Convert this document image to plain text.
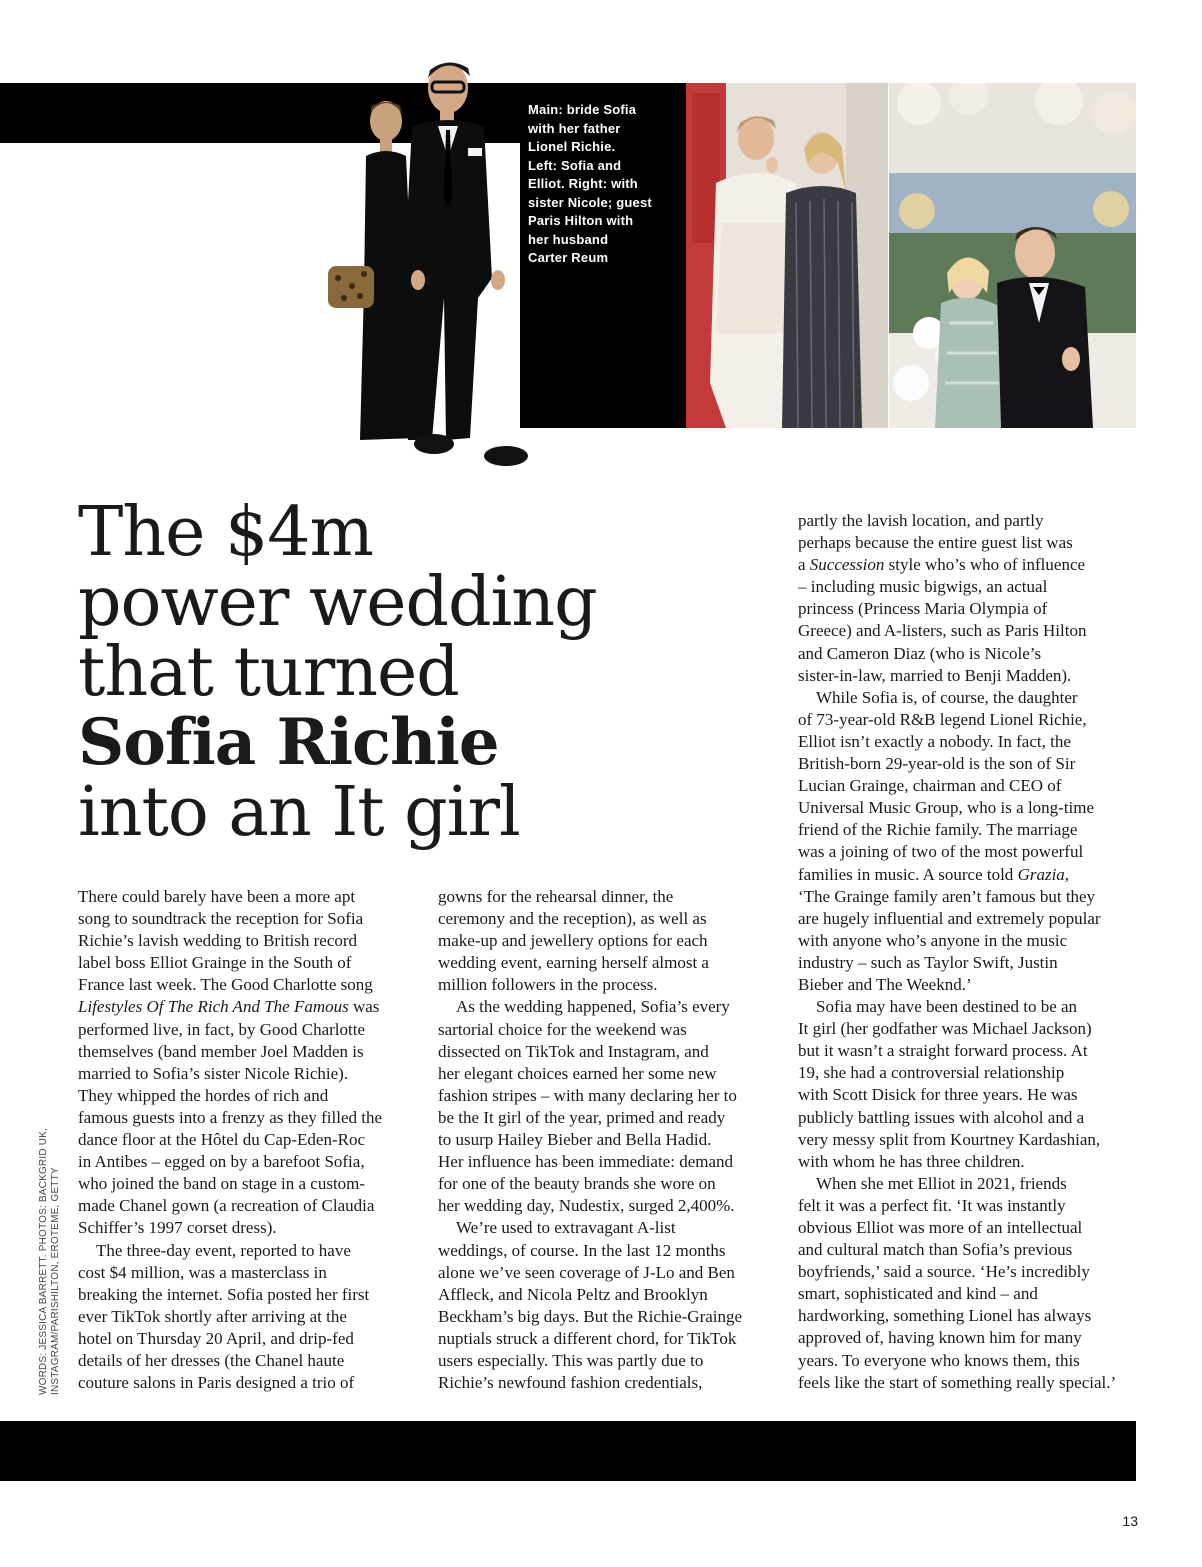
Main: bride Sofia
with her father
Lionel Richie.
Left: Sofia and
Elliot. Right: with
sister Nicole; guest
Paris Hilton with
her husband
Carter Reum
The $4m
power wedding
that turned
Sofia Richie
into an It girl
There could barely have been a more apt
song to soundtrack the reception for Sofia
Richie’s lavish wedding to British record
label boss Elliot Grainge in the South of
France last week. The Good Charlotte song
Lifestyles Of The Rich And The Famous was
performed live, in fact, by Good Charlotte
themselves (band member Joel Madden is
married to Sofia’s sister Nicole Richie).
They whipped the hordes of rich and
famous guests into a frenzy as they filled the
dance floor at the Hôtel du Cap-Eden-Roc
in Antibes – egged on by a barefoot Sofia,
who joined the band on stage in a custom-
made Chanel gown (a recreation of Claudia
Schiffer’s 1997 corset dress).
The three-day event, reported to have
cost $4 million, was a masterclass in
breaking the internet. Sofia posted her first
ever TikTok shortly after arriving at the
hotel on Thursday 20 April, and drip-fed
details of her dresses (the Chanel haute
couture salons in Paris designed a trio of
gowns for the rehearsal dinner, the
ceremony and the reception), as well as
make-up and jewellery options for each
wedding event, earning herself almost a
million followers in the process.
As the wedding happened, Sofia’s every
sartorial choice for the weekend was
dissected on TikTok and Instagram, and
her elegant choices earned her some new
fashion stripes – with many declaring her to
be the It girl of the year, primed and ready
to usurp Hailey Bieber and Bella Hadid.
Her influence has been immediate: demand
for one of the beauty brands she wore on
her wedding day, Nudestix, surged 2,400%.
We’re used to extravagant A-list
weddings, of course. In the last 12 months
alone we’ve seen coverage of J-Lo and Ben
Affleck, and Nicola Peltz and Brooklyn
Beckham’s big days. But the Richie-Grainge
nuptials struck a different chord, for TikTok
users especially. This was partly due to
Richie’s newfound fashion credentials,
partly the lavish location, and partly
perhaps because the entire guest list was
a Succession style who’s who of influence
– including music bigwigs, an actual
princess (Princess Maria Olympia of
Greece) and A-listers, such as Paris Hilton
and Cameron Diaz (who is Nicole’s
sister-in-law, married to Benji Madden).
While Sofia is, of course, the daughter
of 73-year-old R&B legend Lionel Richie,
Elliot isn’t exactly a nobody. In fact, the
British-born 29-year-old is the son of Sir
Lucian Grainge, chairman and CEO of
Universal Music Group, who is a long-time
friend of the Richie family. The marriage
was a joining of two of the most powerful
families in music. A source told Grazia,
‘The Grainge family aren’t famous but they
are hugely influential and extremely popular
with anyone who’s anyone in the music
industry – such as Taylor Swift, Justin
Bieber and The Weeknd.’
Sofia may have been destined to be an
It girl (her godfather was Michael Jackson)
but it wasn’t a straight forward process. At
19, she had a controversial relationship
with Scott Disick for three years. He was
publicly battling issues with alcohol and a
very messy split from Kourtney Kardashian,
with whom he has three children.
When she met Elliot in 2021, friends
felt it was a perfect fit. ‘It was instantly
obvious Elliot was more of an intellectual
and cultural match than Sofia’s previous
boyfriends,’ said a source. ‘He’s incredibly
smart, sophisticated and kind – and
hardworking, something Lionel has always
approved of, having known him for many
years. To everyone who knows them, this
feels like the start of something really special.’
WORDS: JESSICA BARRETT. PHOTOS: BACKGRID UK, INSTAGRAM/PARISHILTON, EROTEME, GETTY
13
